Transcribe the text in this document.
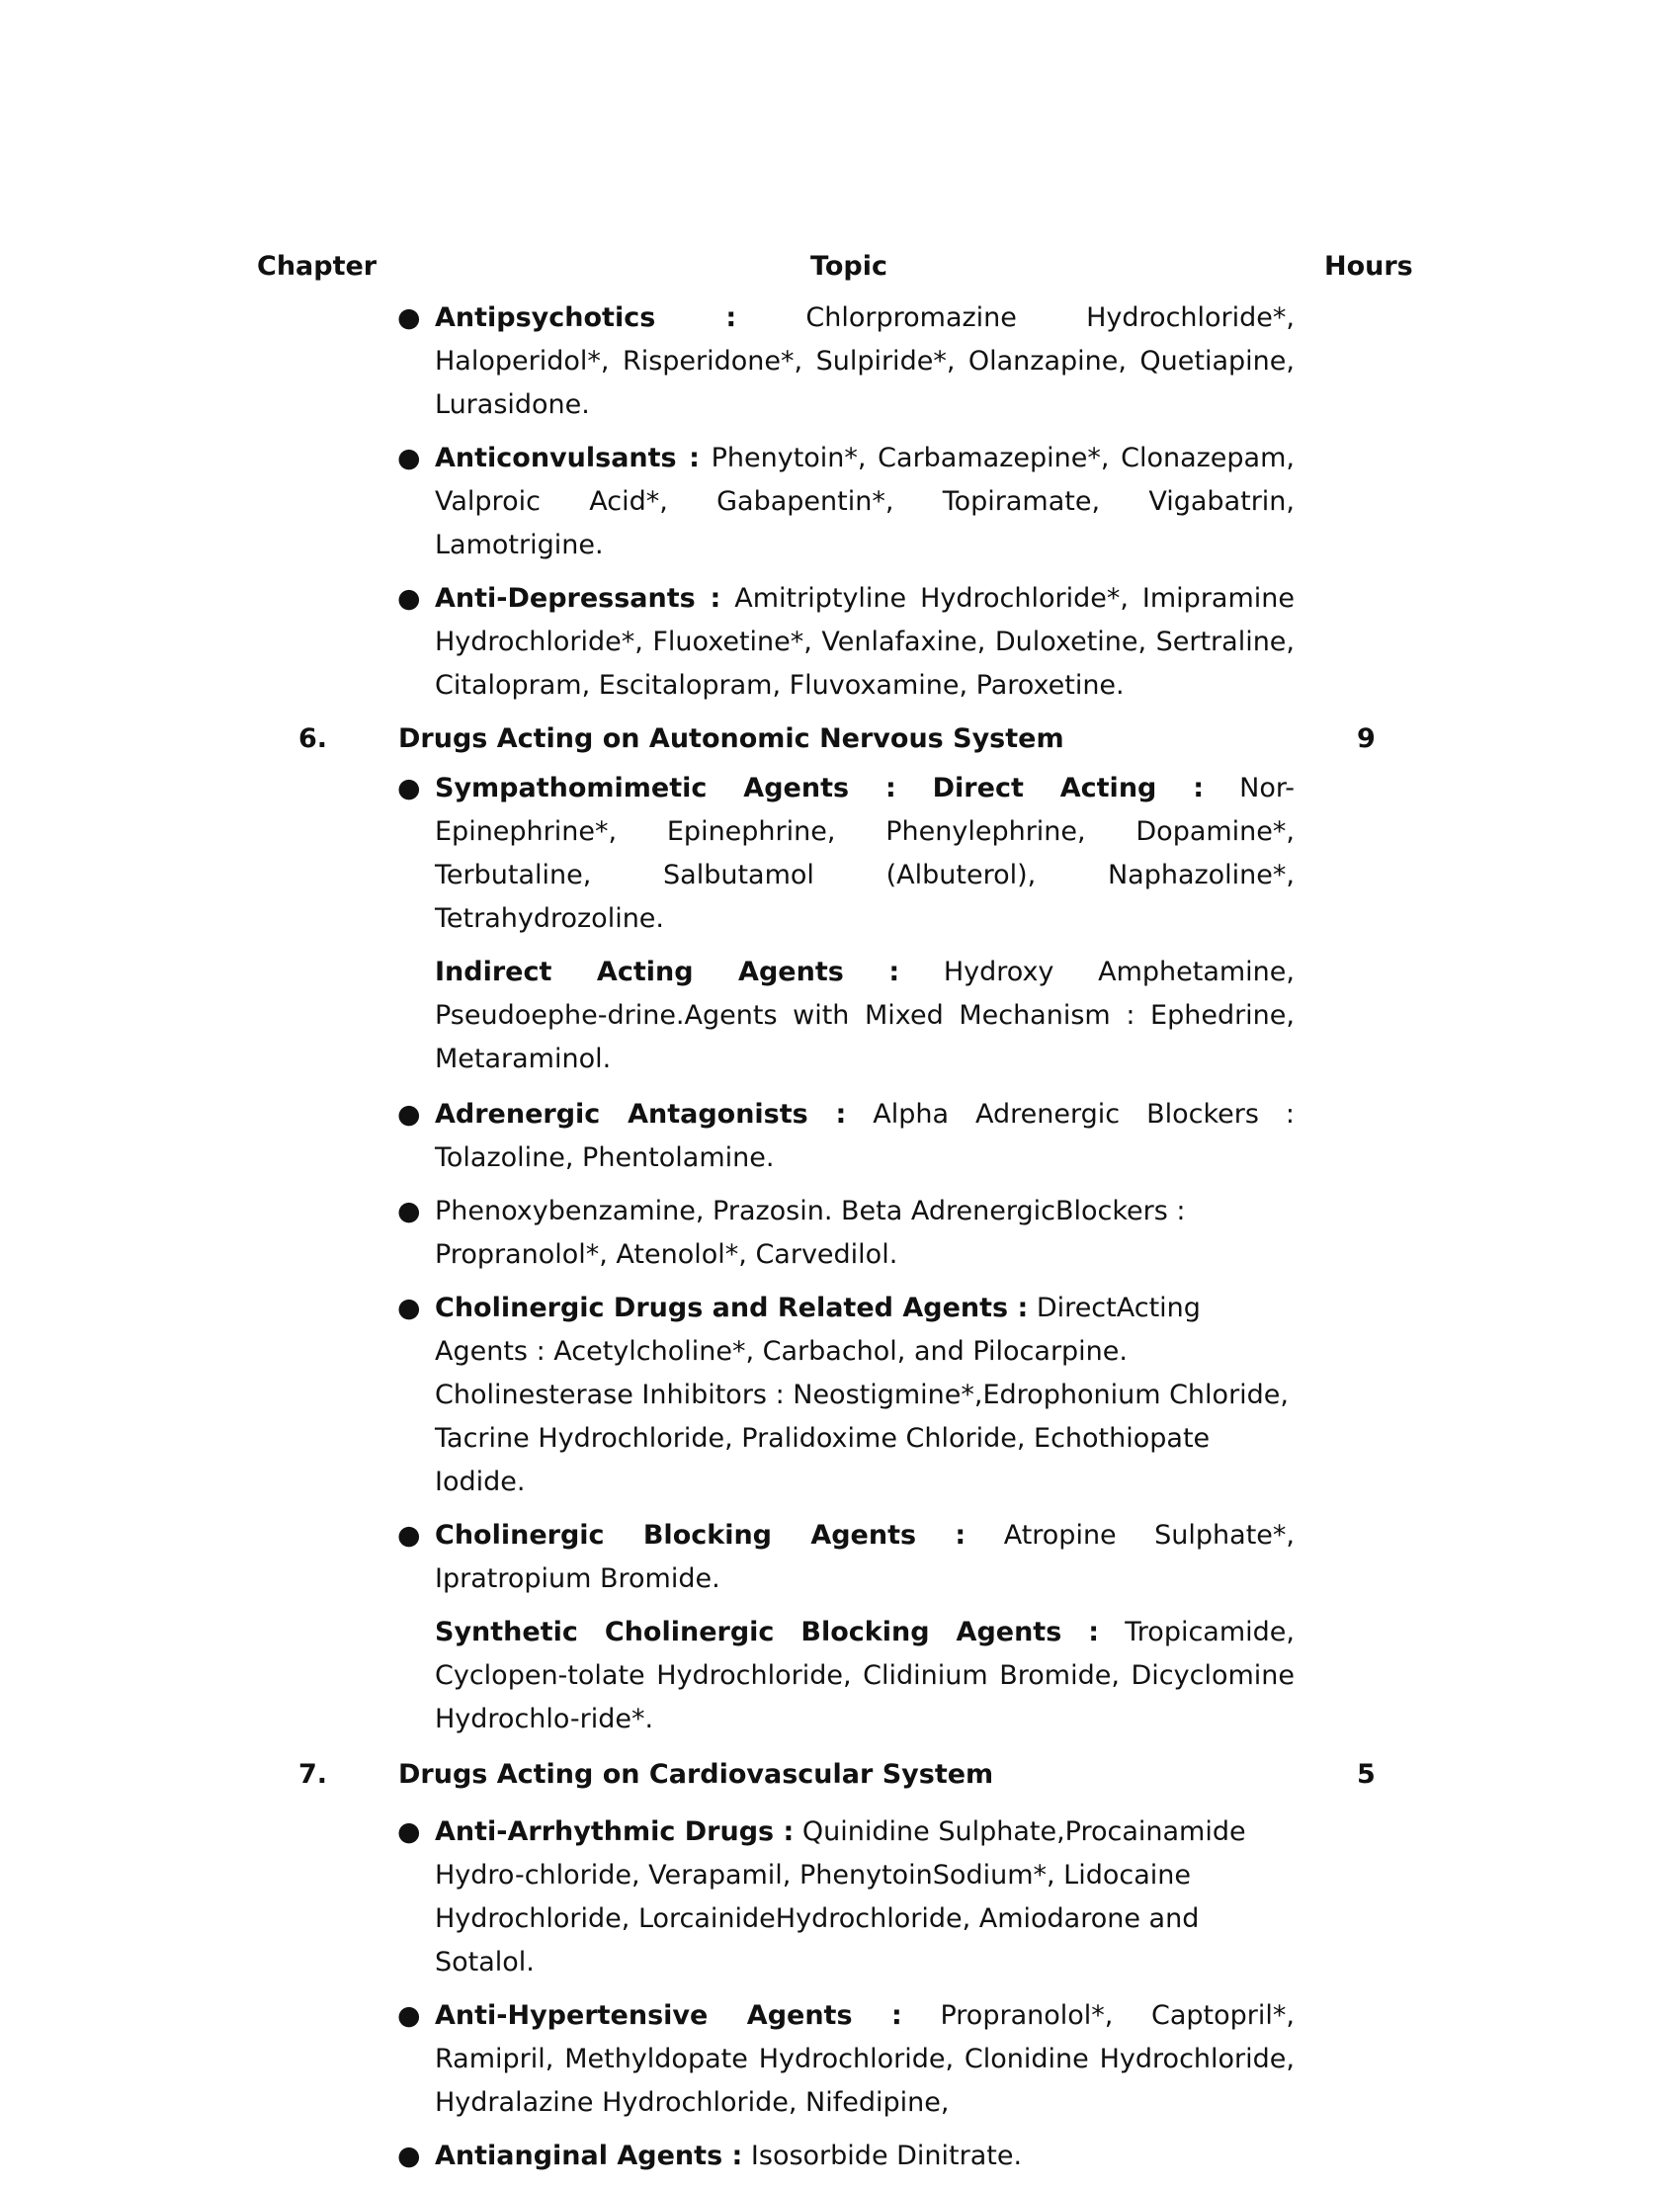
Chapter	Topic	Hours
● Antipsychotics : Chlorpromazine Hydrochloride*, Haloperidol*, Risperidone*, Sulpiride*, Olanzapine, Quetiapine, Lurasidone.
● Anticonvulsants : Phenytoin*, Carbamazepine*, Clonazepam, Valproic Acid*, Gabapentin*, Topiramate, Vigabatrin, Lamotrigine.
● Anti-Depressants : Amitriptyline Hydrochloride*, Imipramine Hydrochloride*, Fluoxetine*, Venlafaxine, Duloxetine, Sertraline, Citalopram, Escitalopram, Fluvoxamine, Paroxetine.
6.	Drugs Acting on Autonomic Nervous System	9
● Sympathomimetic Agents : Direct Acting : Nor-Epinephrine*, Epinephrine, Phenylephrine, Dopamine*, Terbutaline, Salbutamol (Albuterol), Naphazoline*, Tetrahydrozoline.
Indirect Acting Agents : Hydroxy Amphetamine, Pseudoephe-drine.Agents with Mixed Mechanism : Ephedrine, Metaraminol.
● Adrenergic Antagonists : Alpha Adrenergic Blockers : Tolazoline, Phentolamine.
● Phenoxybenzamine, Prazosin. Beta AdrenergicBlockers : Propranolol*, Atenolol*, Carvedilol.
● Cholinergic Drugs and Related Agents : DirectActing Agents : Acetylcholine*, Carbachol, and Pilocarpine. Cholinesterase Inhibitors : Neostigmine*,Edrophonium Chloride, Tacrine Hydrochloride, Pralidoxime Chloride, Echothiopate Iodide.
● Cholinergic Blocking Agents : Atropine Sulphate*, Ipratropium Bromide.
Synthetic Cholinergic Blocking Agents : Tropicamide, Cyclopen-tolate Hydrochloride, Clidinium Bromide, Dicyclomine Hydrochlo-ride*.
7.	Drugs Acting on Cardiovascular System	5
● Anti-Arrhythmic Drugs : Quinidine Sulphate,Procainamide Hydro-chloride, Verapamil, PhenytoinSodium*, Lidocaine Hydrochloride, LorcainideHydrochloride, Amiodarone and Sotalol.
● Anti-Hypertensive Agents : Propranolol*, Captopril*, Ramipril, Methyldopate Hydrochloride, Clonidine Hydrochloride, Hydralazine Hydrochloride, Nifedipine,
● Antianginal Agents : Isosorbide Dinitrate.
